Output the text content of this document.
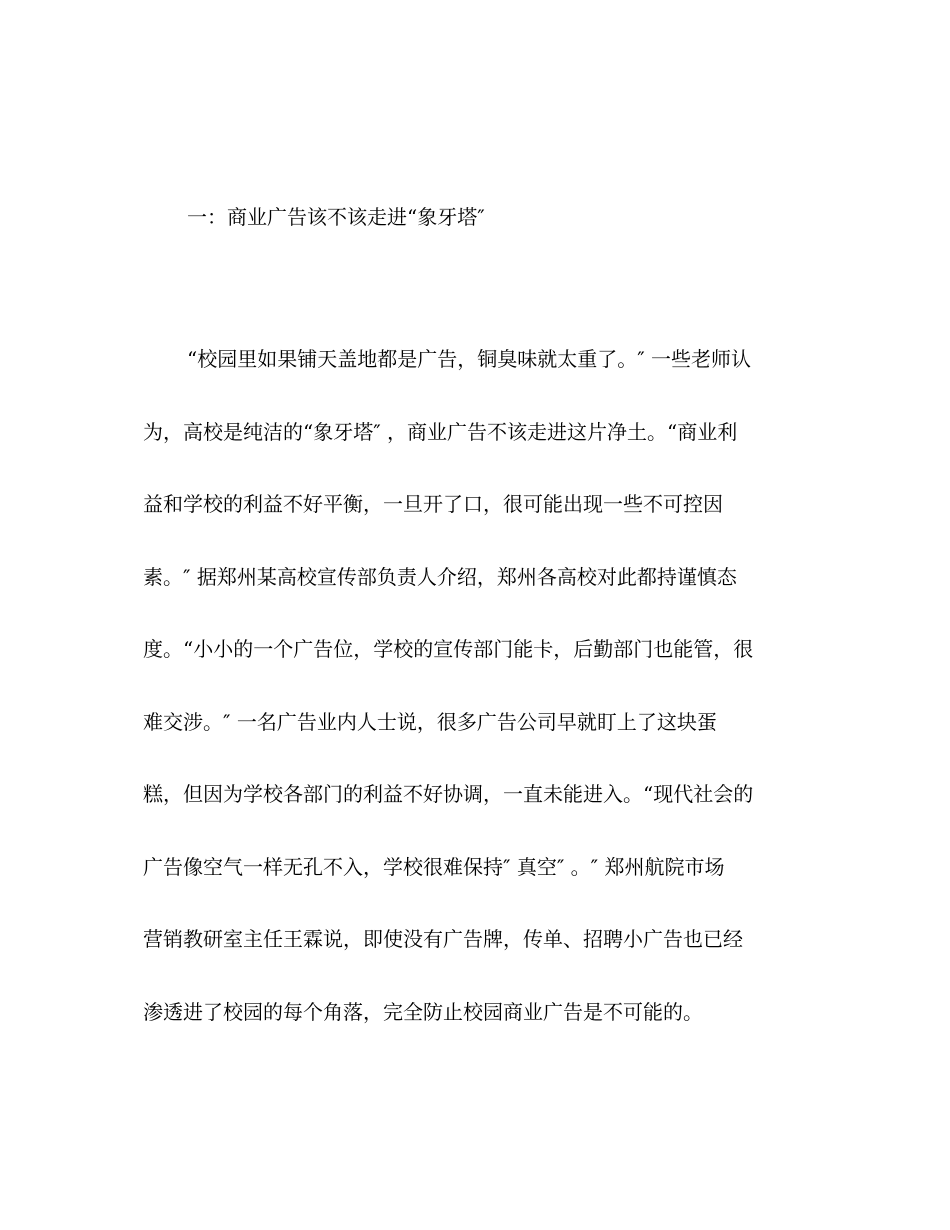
一：商业广告该不该走进“象牙塔″

“校园里如果铺天盖地都是广告，铜臭味就太重了。″ 一些老师认

为，高校是纯洁的“象牙塔″ ，商业广告不该走进这片净土。“商业利

益和学校的利益不好平衡，一旦开了口，很可能出现一些不可控因

素。″ 据郑州某高校宣传部负责人介绍，郑州各高校对此都持谨慎态

度。“小小的一个广告位，学校的宣传部门能卡，后勤部门也能管，很

难交涉。″ 一名广告业内人士说，很多广告公司早就盯上了这块蛋

糕，但因为学校各部门的利益不好协调，一直未能进入。“现代社会的

广告像空气一样无孔不入，学校很难保持″ 真空″ 。″ 郑州航院市场

营销教研室主任王霖说，即使没有广告牌，传单、招聘小广告也已经

渗透进了校园的每个角落，完全防止校园商业广告是不可能的。
